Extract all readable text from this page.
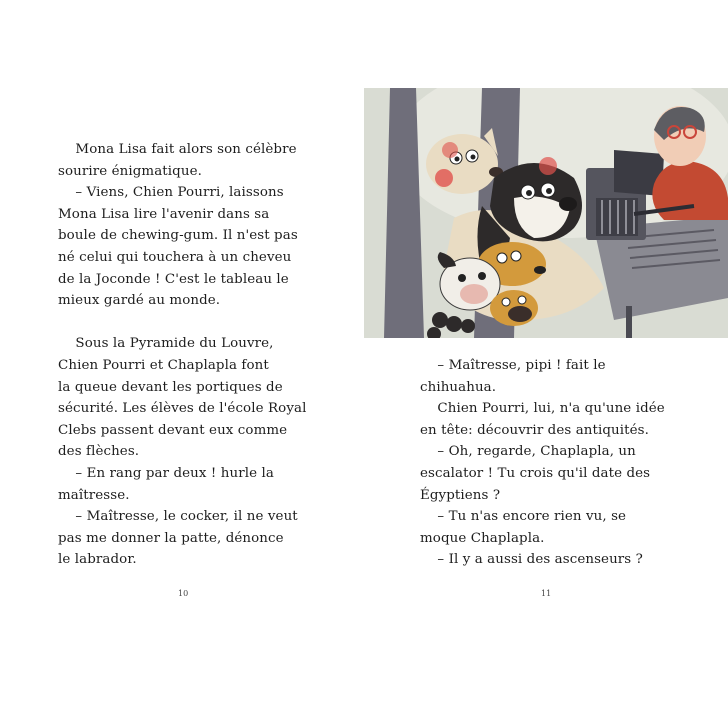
Mona Lisa fait alors son célèbre

sourire énigmatique.

– Viens, Chien Pourri, laissons

Mona Lisa lire l'avenir dans sa

boule de chewing-gum. Il n'est pas

né celui qui touchera à un cheveu

de la Joconde ! C'est le tableau le

mieux gardé au monde.

Sous la Pyramide du Louvre,

Chien Pourri et Chaplapla font

la queue devant les portiques de

sécurité. Les élèves de l'école Royal

Clebs passent devant eux comme

des flèches.

– En rang par deux ! hurle la

maîtresse.

– Maîtresse, le cocker, il ne veut

pas me donner la patte, dénonce

le labrador.

10	11

– Maîtresse, pipi ! fait le

chihuahua.

Chien Pourri, lui, n'a qu'une idée

en tête: découvrir des antiquités.

– Oh, regarde, Chaplapla, un

escalator ! Tu crois qu'il date des

Égyptiens ?

– Tu n'as encore rien vu, se

moque Chaplapla.

– Il y a aussi des ascenseurs ?
